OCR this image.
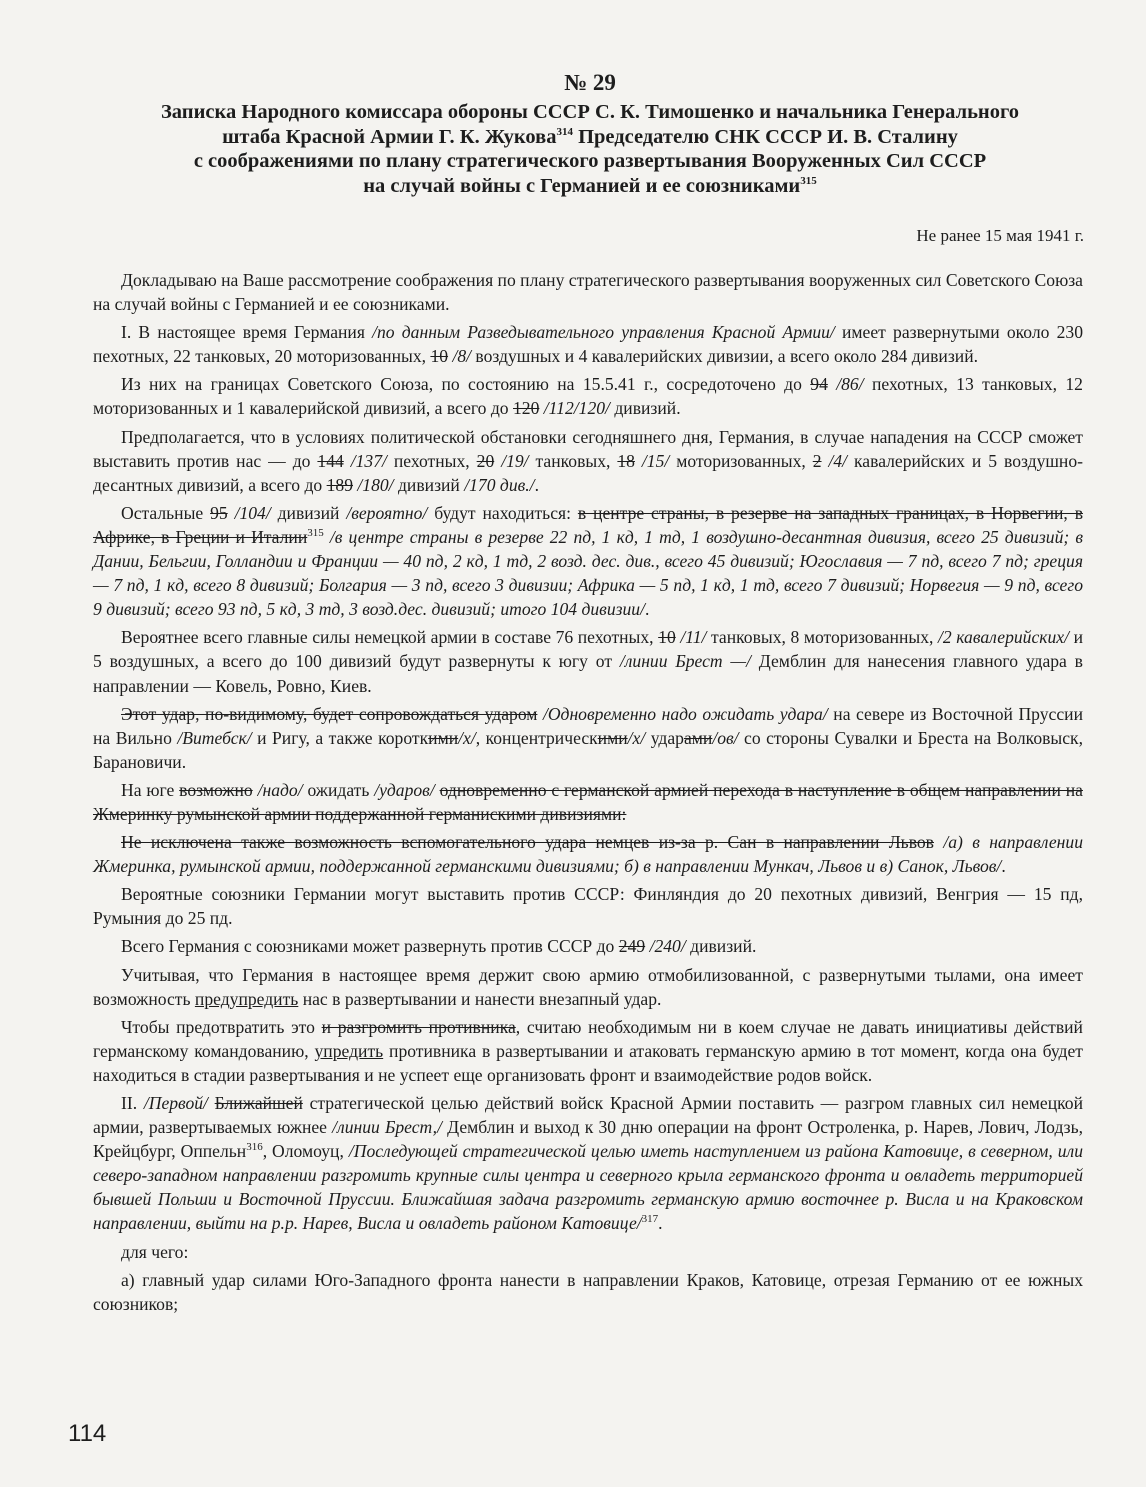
№ 29
Записка Народного комиссара обороны СССР С. К. Тимошенко и начальника Генерального
штаба Красной Армии Г. К. Жукова$^{314}$ Председателю СНК СССР И. В. Сталину
с соображениями по плану стратегического развертывания Вооруженных Сил СССР
на случай войны с Германией и ее союзниками$^{315}$
Не ранее 15 мая 1941 г.

Докладываю на Ваше рассмотрение соображения по плану стратегического развертывания вооруженных сил Советского Союза на случай войны с Германией и ее союзниками.

I. В настоящее время Германия /по данным Разведывательного управления Красной Армии/ имеет развернутыми около 230 пехотных, 22 танковых, 20 моторизованных, 10 /8/ воздушных и 4 кавалерийских дивизии, а всего около 284 дивизий.

Из них на границах Советского Союза, по состоянию на 15.5.41 г., сосредоточено до 94 /86/ пехотных, 13 танковых, 12 моторизованных и 1 кавалерийской дивизий, а всего до 120 /112/120/ дивизий.

Предполагается, что в условиях политической обстановки сегодняшнего дня, Германия, в случае нападения на СССР сможет выставить против нас — до 144 /137/ пехотных, 20 /19/ танковых, 18 /15/ моторизованных, 2 /4/ кавалерийских и 5 воздушно-десантных дивизий, а всего до 189 /180/ дивизий /170 див./.

Остальные 95 /104/ дивизий /вероятно/ будут находиться: в центре страны, в резерве на западных границах, в Норвегии, в Африке, в Греции и Италии$^{315}$ /в центре страны в резерве 22 пд, 1 кд, 1 тд, 1 воздушно-десантная дивизия, всего 25 дивизий; в Дании, Бельгии, Голландии и Франции — 40 пд, 2 кд, 1 тд, 2 возд. дес. див., всего 45 дивизий; Югославия — 7 пд, всего 7 пд; греция — 7 пд, 1 кд, всего 8 дивизий; Болгария — 3 пд, всего 3 дивизии; Африка — 5 пд, 1 кд, 1 тд, всего 7 дивизий; Норвегия — 9 пд, всего 9 дивизий; всего 93 пд, 5 кд, 3 тд, 3 возд.дес. дивизий; итого 104 дивизии/.

Вероятнее всего главные силы немецкой армии в составе 76 пехотных, 10 /11/ танковых, 8 моторизованных, /2 кавалерийских/ и 5 воздушных, а всего до 100 дивизий будут развернуты к югу от /линии Брест —/ Демблин для нанесения главного удара в направлении — Ковель, Ровно, Киев.

Этот удар, по-видимому, будет сопровождаться ударом /Одновременно надо ожидать удара/ на севере из Восточной Пруссии на Вильно /Витебск/ и Ригу, а также короткими/х/, концентрическими/х/ ударами/ов/ со стороны Сувалки и Бреста на Волковыск, Барановичи.

На юге возможно /надо/ ожидать /ударов/ одновременно с германской армией перехода в наступление в общем направлении на Жмеринку румынской армии поддержанной германискими дивизиями:

Не исключена также возможность вспомогательного удара немцев из-за р. Сан в направлении Львов /а) в направлении Жмеринка, румынской армии, поддержанной германскими дивизиями; б) в направлении Мункач, Львов и в) Санок, Львов/.

Вероятные союзники Германии могут выставить против СССР: Финляндия до 20 пехотных дивизий, Венгрия — 15 пд, Румыния до 25 пд.

Всего Германия с союзниками может развернуть против СССР до 249 /240/ дивизий.

Учитывая, что Германия в настоящее время держит свою армию отмобилизованной, с развернутыми тылами, она имеет возможность предупредить нас в развертывании и нанести внезапный удар.

Чтобы предотвратить это и разгромить противника, считаю необходимым ни в коем случае не давать инициативы действий германскому командованию, упредить противника в развертывании и атаковать германскую армию в тот момент, когда она будет находиться в стадии развертывания и не успеет еще организовать фронт и взаимодействие родов войск.

II. /Первой/ Ближайшей стратегической целью действий войск Красной Армии поставить — разгром главных сил немецкой армии, развертываемых южнее /линии Брест,/ Демблин и выход к 30 дню операции на фронт Остроленка, р. Нарев, Лович, Лодзь, Крейцбург, Оппельн$^{316}$, Оломоуц, /Последующей стратегической целью иметь наступлением из района Катовице, в северном, или северо-западном направлении разгромить крупные силы центра и северного крыла германского фронта и овладеть территорией бывшей Польши и Восточной Пруссии. Ближайшая задача разгромить германскую армию восточнее р. Висла и на Краковском направлении, выйти на р.р. Нарев, Висла и овладеть районом Катовице/$^{317}$.

для чего:

а) главный удар силами Юго-Западного фронта нанести в направлении Краков, Катовице, отрезая Германию от ее южных союзников;

114
